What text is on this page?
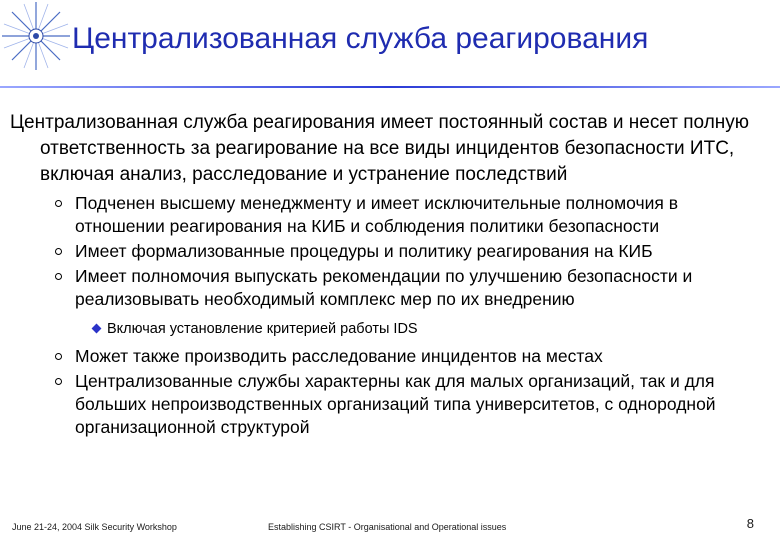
Централизованная служба реагирования

Централизованная служба реагирования имеет постоянный состав и несет полную ответственность за реагирование на все виды инцидентов безопасности ИТС, включая анализ, расследование и устранение последствий

Подченен высшему менеджменту и имеет исключительные полномочия в отношении реагирования на КИБ и соблюдения политики безопасности
Имеет формализованные процедуры и политику реагирования на КИБ
Имеет полномочия выпускать рекомендации по улучшению безопасности и реализовывать необходимый комплекс мер по их внедрению
Включая установление критерией работы IDS
Может также производить расследование инцидентов на местах
Централизованные службы характерны как для малых организаций, так и для больших непроизводственных организаций типа университетов, с однородной организационной структурой
June 21-24, 2004 Silk Security Workshop	Establishing CSIRT - Organisational and Operational issues	8
